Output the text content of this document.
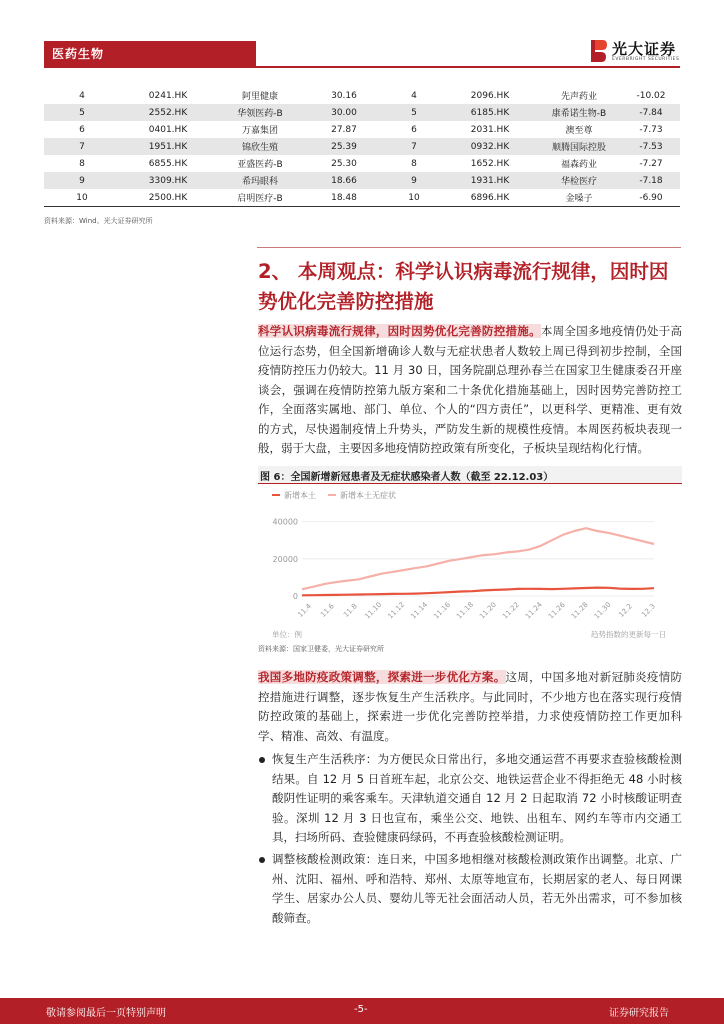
医药生物	光大证券
EVERBRIGHT SECURITIES
4	0241.HK	阿里健康	30.16	4	2096.HK	先声药业	-10.02
5	2552.HK	华领医药-B	30.00	5	6185.HK	康希诺生物-B	-7.84
6	0401.HK	万嘉集团	27.87	6	2031.HK	澳至尊	-7.73
7	1951.HK	锦欣生殖	25.39	7	0932.HK	顺腾国际控股	-7.53
8	6855.HK	亚盛医药-B	25.30	8	1652.HK	福森药业	-7.27
9	3309.HK	希玛眼科	18.66	9	1931.HK	华检医疗	-7.18
10	2500.HK	启明医疗-B	18.48	10	6896.HK	金嗓子	-6.90
资料来源：Wind、光大证券研究所
2、 本周观点：科学认识病毒流行规律，因时因势优化完善防控措施
科学认识病毒流行规律，因时因势优化完善防控措施。本周全国多地疫情仍处于高位运行态势，但全国新增确诊人数与无症状患者人数较上周已得到初步控制，全国疫情防控压力仍较大。11 月 30 日，国务院副总理孙春兰在国家卫生健康委召开座谈会，强调在疫情防控第九版方案和二十条优化措施基础上，因时因势完善防控工作，全面落实属地、部门、单位、个人的“四方责任”，以更科学、更精准、更有效的方式，尽快遏制疫情上升势头，严防发生新的规模性疫情。本周医药板块表现一般，弱于大盘，主要因多地疫情防控政策有所变化，子板块呈现结构化行情。
图 6：全国新增新冠患者及无症状感染者人数（截至 22.12.03）
新增本土	新增本土无症状
0
20000
40000
11.4 11.6 11.8 11.10 11.12 11.14 11.16 11.18 11.20 11.22 11.24 11.26 11.28 11.30 12.2 12.3
单位：例	趋势指数的更新每一日
资料来源：国家卫健委，光大证券研究所
我国多地防疫政策调整，探索进一步优化方案。这周，中国多地对新冠肺炎疫情防控措施进行调整，逐步恢复生产生活秩序。与此同时，不少地方也在落实现行疫情防控政策的基础上，探索进一步优化完善防控举措，力求使疫情防控工作更加科学、精准、高效、有温度。
恢复生产生活秩序：为方便民众日常出行，多地交通运营不再要求查验核酸检测结果。自 12 月 5 日首班车起，北京公交、地铁运营企业不得拒绝无 48 小时核酸阴性证明的乘客乘车。天津轨道交通自 12 月 2 日起取消 72 小时核酸证明查验。深圳 12 月 3 日也宣布，乘坐公交、地铁、出租车、网约车等市内交通工具，扫场所码、查验健康码绿码，不再查验核酸检测证明。
调整核酸检测政策：连日来，中国多地相继对核酸检测政策作出调整。北京、广州、沈阳、福州、呼和浩特、郑州、太原等地宣布，长期居家的老人、每日网课学生、居家办公人员、婴幼儿等无社会面活动人员，若无外出需求，可不参加核酸筛查。
敬请参阅最后一页特别声明	-5-	证券研究报告
